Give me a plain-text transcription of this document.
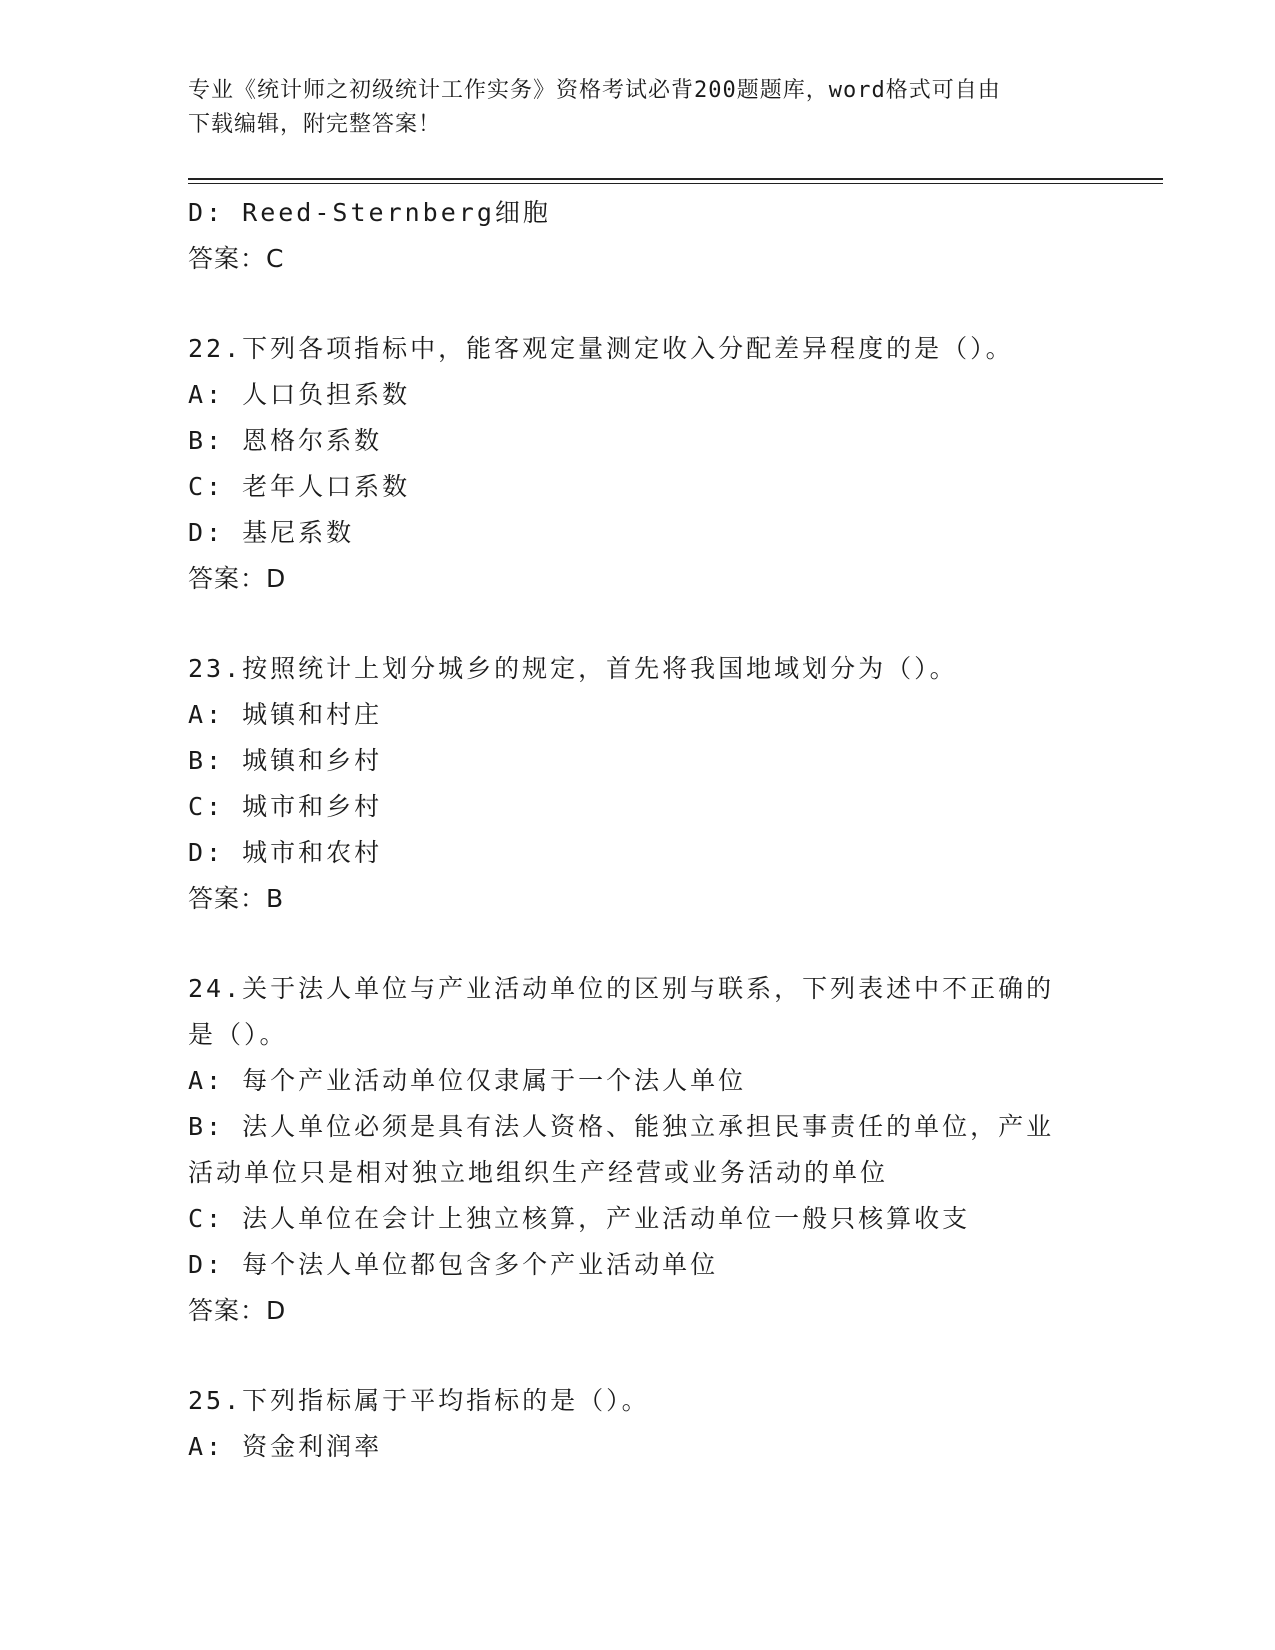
专业《统计师之初级统计工作实务》资格考试必背200题题库，word格式可自由
下载编辑，附完整答案！
D: Reed-Sternberg细胞
答案：C
22.下列各项指标中，能客观定量测定收入分配差异程度的是（）。
A: 人口负担系数
B: 恩格尔系数
C: 老年人口系数
D: 基尼系数
答案：D
23.按照统计上划分城乡的规定，首先将我国地域划分为（）。
A: 城镇和村庄
B: 城镇和乡村
C: 城市和乡村
D: 城市和农村
答案：B
24.关于法人单位与产业活动单位的区别与联系，下列表述中不正确的
是（）。
A: 每个产业活动单位仅隶属于一个法人单位
B: 法人单位必须是具有法人资格、能独立承担民事责任的单位，产业
活动单位只是相对独立地组织生产经营或业务活动的单位
C: 法人单位在会计上独立核算，产业活动单位一般只核算收支
D: 每个法人单位都包含多个产业活动单位
答案：D
25.下列指标属于平均指标的是（）。
A: 资金利润率
